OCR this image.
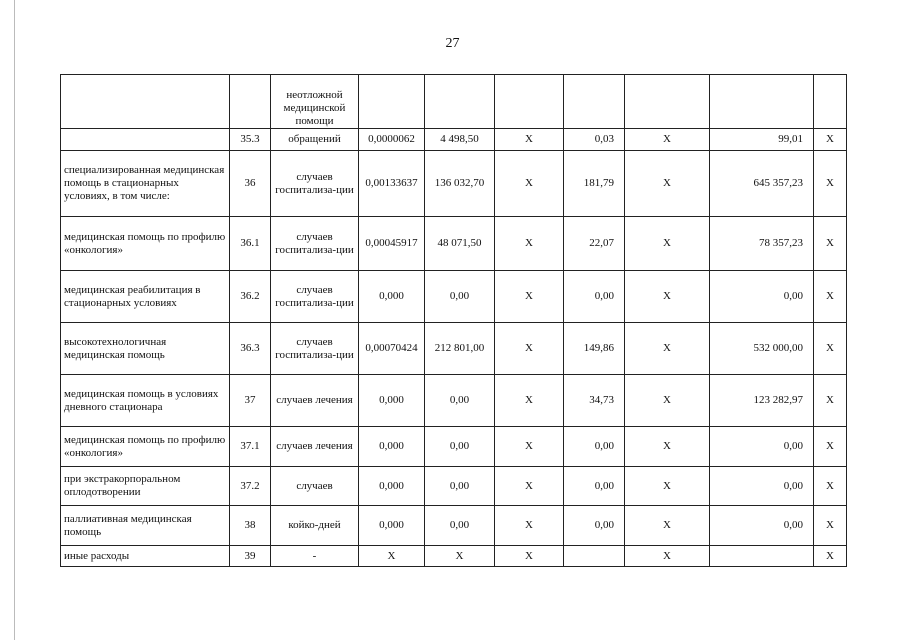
27
		неотложной медицинской помощи							
	35.3	обращений	0,0000062	4 498,50	Х	0,03	Х	99,01	Х
специализированная медицинская помощь в стационарных условиях, в том числе:	36	случаев госпитализа-ции	0,00133637	136 032,70	Х	181,79	Х	645 357,23	Х
медицинская помощь по профилю «онкология»	36.1	случаев госпитализа-ции	0,00045917	48 071,50	Х	22,07	Х	78 357,23	Х
медицинская реабилитация в стационарных условиях	36.2	случаев госпитализа-ции	0,000	0,00	Х	0,00	Х	0,00	Х
высокотехнологичная медицинская помощь	36.3	случаев госпитализа-ции	0,00070424	212 801,00	Х	149,86	Х	532 000,00	Х
медицинская помощь в условиях дневного стационара	37	случаев лечения	0,000	0,00	Х	34,73	Х	123 282,97	Х
медицинская помощь по профилю «онкология»	37.1	случаев лечения	0,000	0,00	Х	0,00	Х	0,00	Х
при экстракорпоральном оплодотворении	37.2	случаев	0,000	0,00	Х	0,00	Х	0,00	Х
паллиативная медицинская помощь	38	койко-дней	0,000	0,00	Х	0,00	Х	0,00	Х
иные расходы	39	-	Х	Х	Х		Х		Х
